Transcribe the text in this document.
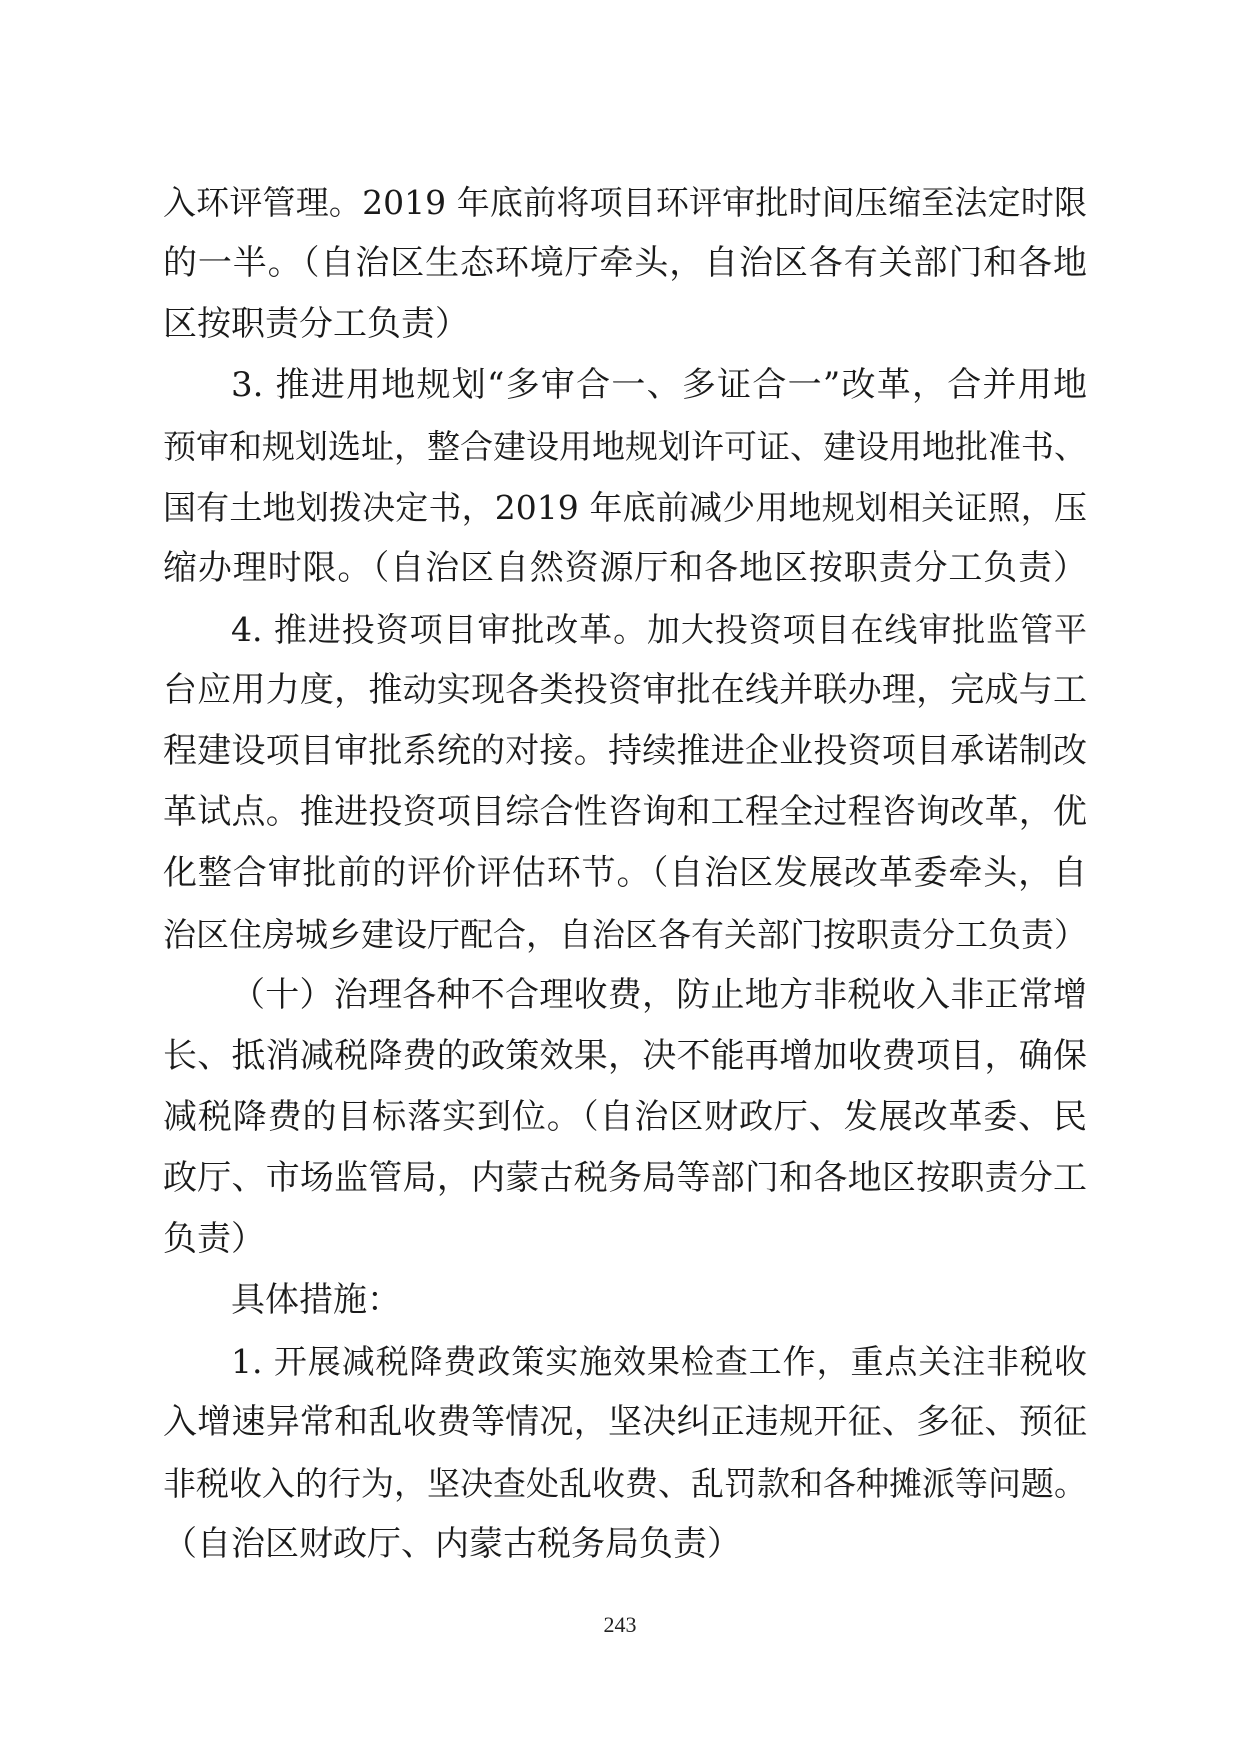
入环评管理。2019 年底前将项目环评审批时间压缩至法定时限
的一半。（自治区生态环境厅牵头，自治区各有关部门和各地
区按职责分工负责）
3. 推进用地规划“多审合一、多证合一”改革，合并用地
预审和规划选址，整合建设用地规划许可证、建设用地批准书、
国有土地划拨决定书，2019 年底前减少用地规划相关证照，压
缩办理时限。（自治区自然资源厅和各地区按职责分工负责）
4. 推进投资项目审批改革。加大投资项目在线审批监管平
台应用力度，推动实现各类投资审批在线并联办理，完成与工
程建设项目审批系统的对接。持续推进企业投资项目承诺制改
革试点。推进投资项目综合性咨询和工程全过程咨询改革，优
化整合审批前的评价评估环节。（自治区发展改革委牵头，自
治区住房城乡建设厅配合，自治区各有关部门按职责分工负责）
（十）治理各种不合理收费，防止地方非税收入非正常增
长、抵消减税降费的政策效果，决不能再增加收费项目，确保
减税降费的目标落实到位。（自治区财政厅、发展改革委、民
政厅、市场监管局，内蒙古税务局等部门和各地区按职责分工
负责）
具体措施：
1. 开展减税降费政策实施效果检查工作，重点关注非税收
入增速异常和乱收费等情况，坚决纠正违规开征、多征、预征
非税收入的行为，坚决查处乱收费、乱罚款和各种摊派等问题。
（自治区财政厅、内蒙古税务局负责）
243
